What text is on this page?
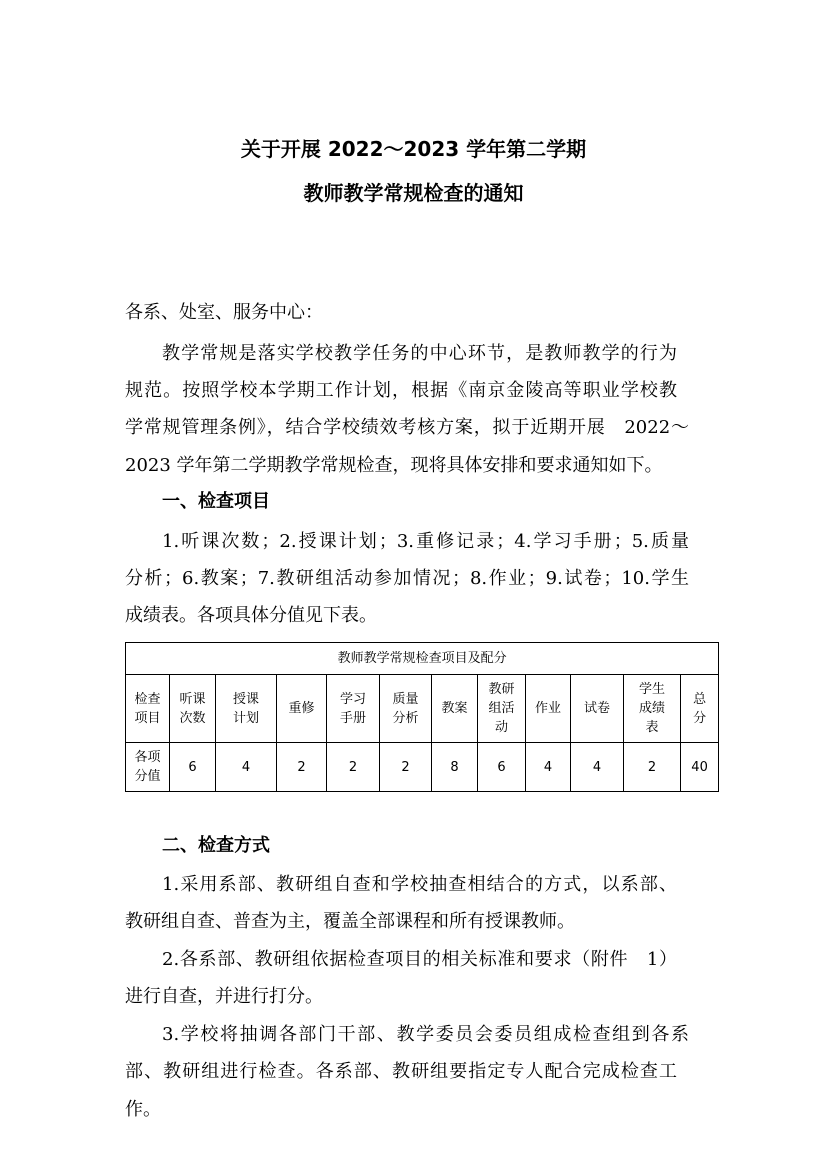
关于开展 2022～2023 学年第二学期
教师教学常规检查的通知
各系、处室、服务中心：
教学常规是落实学校教学任务的中心环节，是教师教学的行为
规范。按照学校本学期工作计划，根据《南京金陵高等职业学校教
学常规管理条例》，结合学校绩效考核方案，拟于近期开展　2022～
2023 学年第二学期教学常规检查，现将具体安排和要求通知如下。
一、检查项目
1.听课次数；2.授课计划；3.重修记录；4.学习手册；5.质量
分析；6.教案；7.教研组活动参加情况；8.作业；9.试卷；10.学生
成绩表。各项具体分值见下表。
教师教学常规检查项目及配分											
检查项目	听课次数	授课计划	重修	学习手册	质量分析	教案	教研组活动	作业	试卷	学生成绩表	总分
各项分值	6	4	2	2	2	8	6	4	4	2	40
二、检查方式
1.采用系部、教研组自查和学校抽查相结合的方式，以系部、
教研组自查、普查为主，覆盖全部课程和所有授课教师。
2.各系部、教研组依据检查项目的相关标准和要求（附件　1）
进行自查，并进行打分。
3.学校将抽调各部门干部、教学委员会委员组成检查组到各系
部、教研组进行检查。各系部、教研组要指定专人配合完成检查工
作。
